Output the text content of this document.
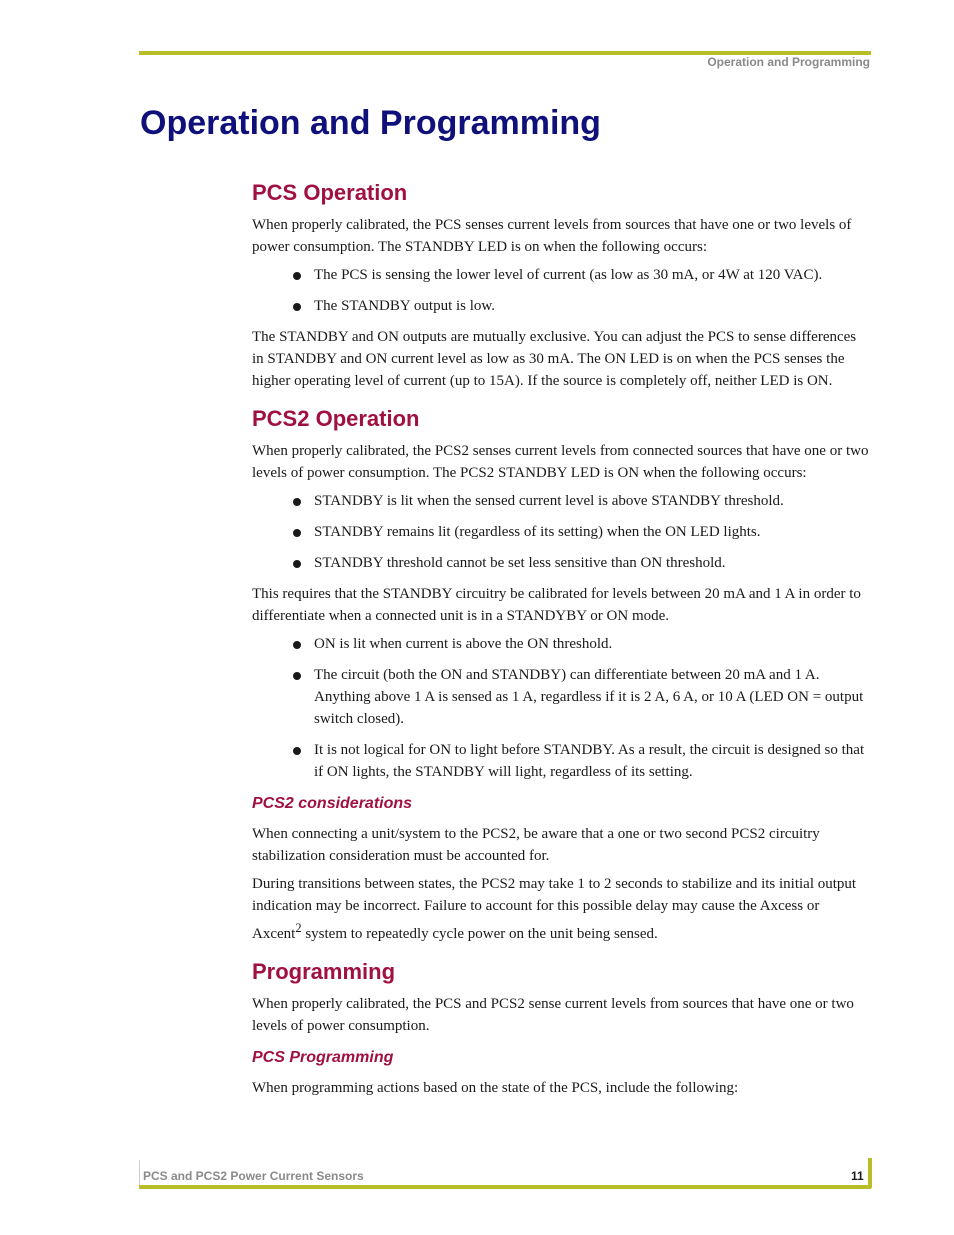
Operation and Programming
Operation and Programming
PCS Operation

When properly calibrated, the PCS senses current levels from sources that have one or two levels of power consumption. The STANDBY LED is on when the following occurs:

The PCS is sensing the lower level of current (as low as 30 mA, or 4W at 120 VAC).
The STANDBY output is low.

The STANDBY and ON outputs are mutually exclusive. You can adjust the PCS to sense differences in STANDBY and ON current level as low as 30 mA. The ON LED is on when the PCS senses the higher operating level of current (up to 15A). If the source is completely off, neither LED is ON.

PCS2 Operation

When properly calibrated, the PCS2 senses current levels from connected sources that have one or two levels of power consumption. The PCS2 STANDBY LED is ON when the following occurs:

STANDBY is lit when the sensed current level is above STANDBY threshold.
STANDBY remains lit (regardless of its setting) when the ON LED lights.
STANDBY threshold cannot be set less sensitive than ON threshold.

This requires that the STANDBY circuitry be calibrated for levels between 20 mA and 1 A in order to differentiate when a connected unit is in a STANDYBY or ON mode.

ON is lit when current is above the ON threshold.
The circuit (both the ON and STANDBY) can differentiate between 20 mA and 1 A. Anything above 1 A is sensed as 1 A, regardless if it is 2 A, 6 A, or 10 A (LED ON = output switch closed).
It is not logical for ON to light before STANDBY. As a result, the circuit is designed so that if ON lights, the STANDBY will light, regardless of its setting.
PCS2 considerations

When connecting a unit/system to the PCS2, be aware that a one or two second PCS2 circuitry stabilization consideration must be accounted for.

During transitions between states, the PCS2 may take 1 to 2 seconds to stabilize and its initial output indication may be incorrect. Failure to account for this possible delay may cause the Axcess or Axcent$^2$ system to repeatedly cycle power on the unit being sensed.

Programming

When properly calibrated, the PCS and PCS2 sense current levels from sources that have one or two levels of power consumption.

PCS Programming

When programming actions based on the state of the PCS, include the following:

PCS and PCS2 Power Current Sensors	11
